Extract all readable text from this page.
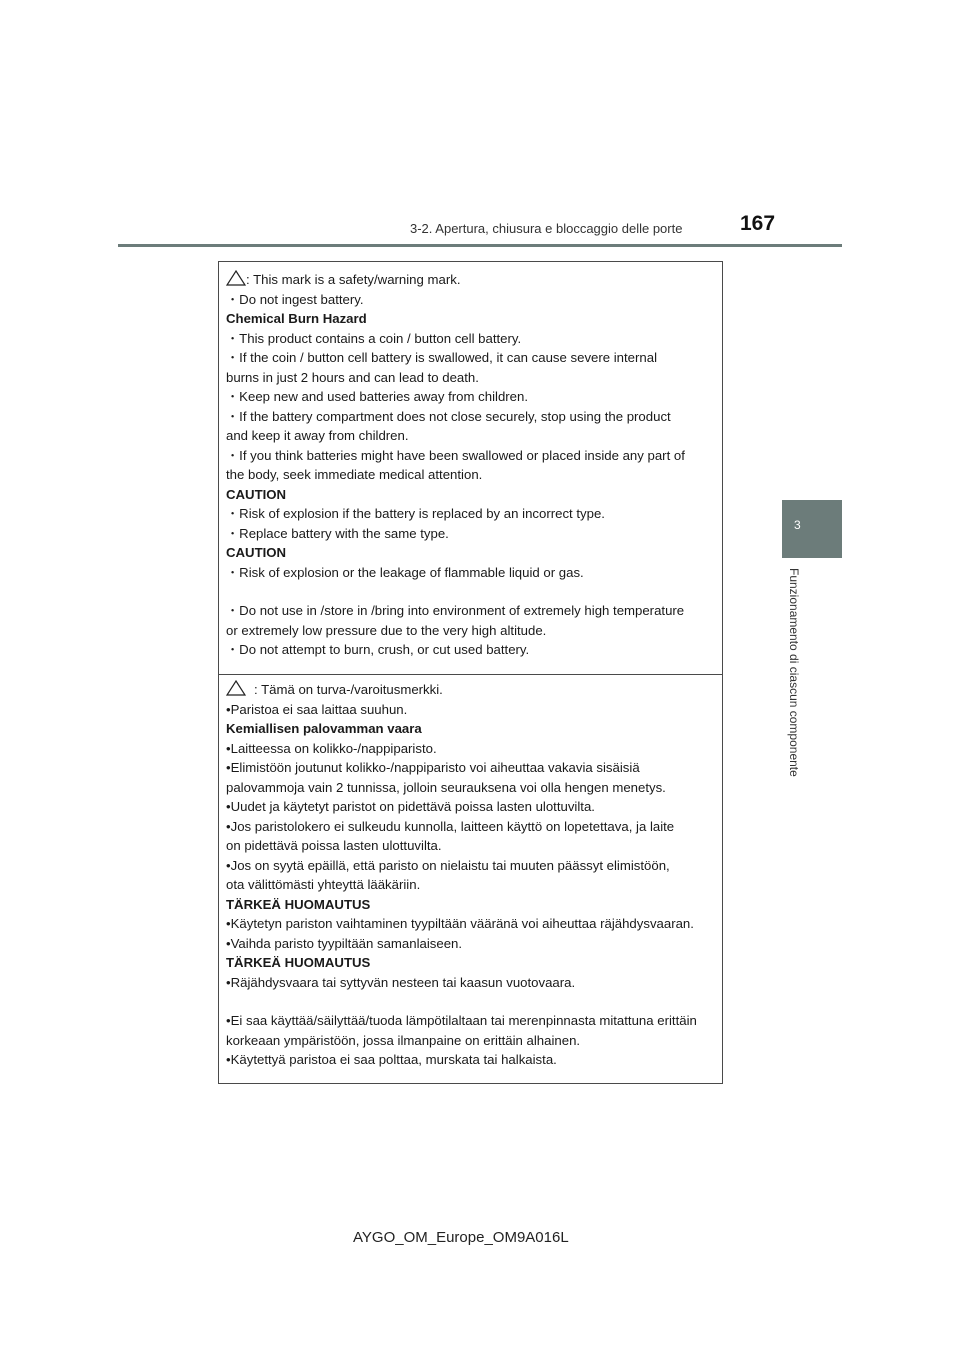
3-2. Apertura, chiusura e bloccaggio delle porte	167
3
Funzionamento di ciascun componente
: This mark is a safety/warning mark.
・Do not ingest battery.
Chemical Burn Hazard
・This product contains a coin / button cell battery.
・If the coin / button cell battery is swallowed, it can cause severe internal
burns in just 2 hours and can lead to death.
・Keep new and used batteries away from children.
・If the battery compartment does not close securely, stop using the product
and keep it away from children.
・If you think batteries might have been swallowed or placed inside any part of
the body, seek immediate medical attention.
CAUTION
・Risk of explosion if the battery is replaced by an incorrect type.
・Replace battery with the same type.
CAUTION
・Risk of explosion or the leakage of flammable liquid or gas.
・Do not use in /store in /bring into environment of extremely high temperature
or extremely low pressure due to the very high altitude.
・Do not attempt to burn, crush, or cut used battery.
: Tämä on turva-/varoitusmerkki.
•Paristoa ei saa laittaa suuhun.
Kemiallisen palovamman vaara
•Laitteessa on kolikko-/nappiparisto.
•Elimistöön joutunut kolikko-/nappiparisto voi aiheuttaa vakavia sisäisiä
palovammoja vain 2 tunnissa, jolloin seurauksena voi olla hengen menetys.
•Uudet ja käytetyt paristot on pidettävä poissa lasten ulottuvilta.
•Jos paristolokero ei sulkeudu kunnolla, laitteen käyttö on lopetettava, ja laite
on pidettävä poissa lasten ulottuvilta.
•Jos on syytä epäillä, että paristo on nielaistu tai muuten päässyt elimistöön,
ota välittömästi yhteyttä lääkäriin.
TÄRKEÄ HUOMAUTUS
•Käytetyn pariston vaihtaminen tyypiltään vääränä voi aiheuttaa räjähdysvaaran.
•Vaihda paristo tyypiltään samanlaiseen.
TÄRKEÄ HUOMAUTUS
•Räjähdysvaara tai syttyvän nesteen tai kaasun vuotovaara.
•Ei saa käyttää/säilyttää/tuoda lämpötilaltaan tai merenpinnasta mitattuna erittäin
korkeaan ympäristöön, jossa ilmanpaine on erittäin alhainen.
•Käytettyä paristoa ei saa polttaa, murskata tai halkaista.
AYGO_OM_Europe_OM9A016L
